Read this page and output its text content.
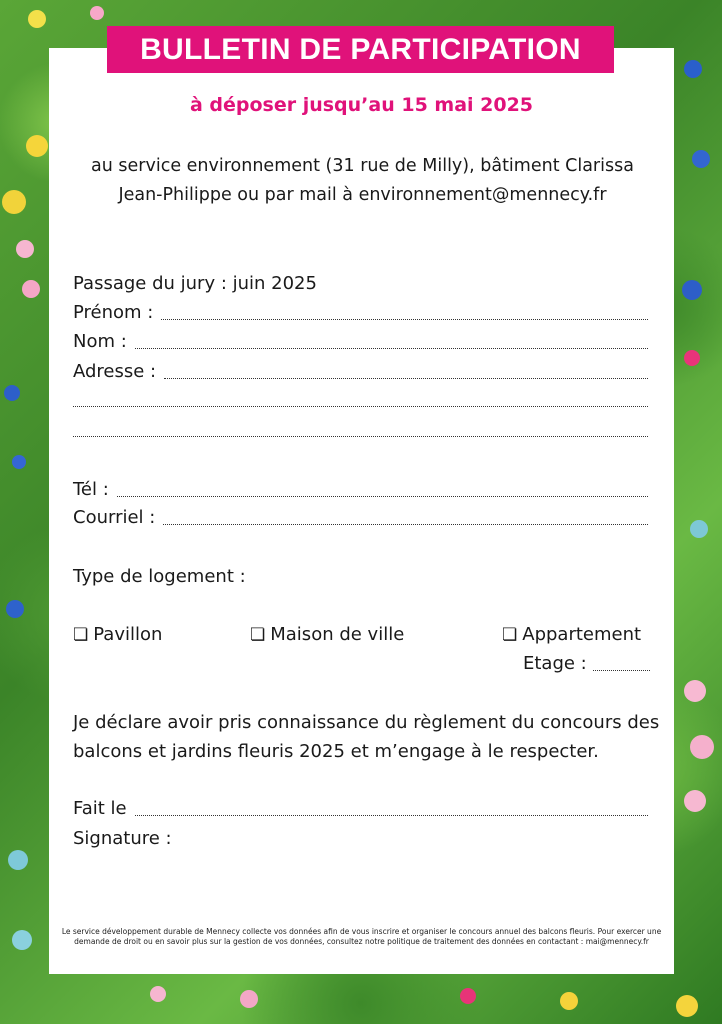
BULLETIN DE PARTICIPATION
à déposer jusqu’au 15 mai 2025
au service environnement (31 rue de Milly), bâtiment Clarissa
Jean-Philippe ou par mail à environnement@mennecy.fr
Passage du jury : juin 2025
Prénom :
Nom :
Adresse :
Tél :
Courriel :
Type de logement :
❏ Pavillon	❏ Maison de ville	❏ Appartement
Etage :
Je déclare avoir pris connaissance du règlement du concours des
balcons et jardins fleuris 2025 et m’engage à le respecter.
Fait le
Signature :
Le service développement durable de Mennecy collecte vos données afin de vous inscrire et organiser le concours annuel des balcons fleuris. Pour exercer une demande de droit ou en savoir plus sur la gestion de vos données, consultez notre politique de traitement des données en contactant : mai@mennecy.fr
